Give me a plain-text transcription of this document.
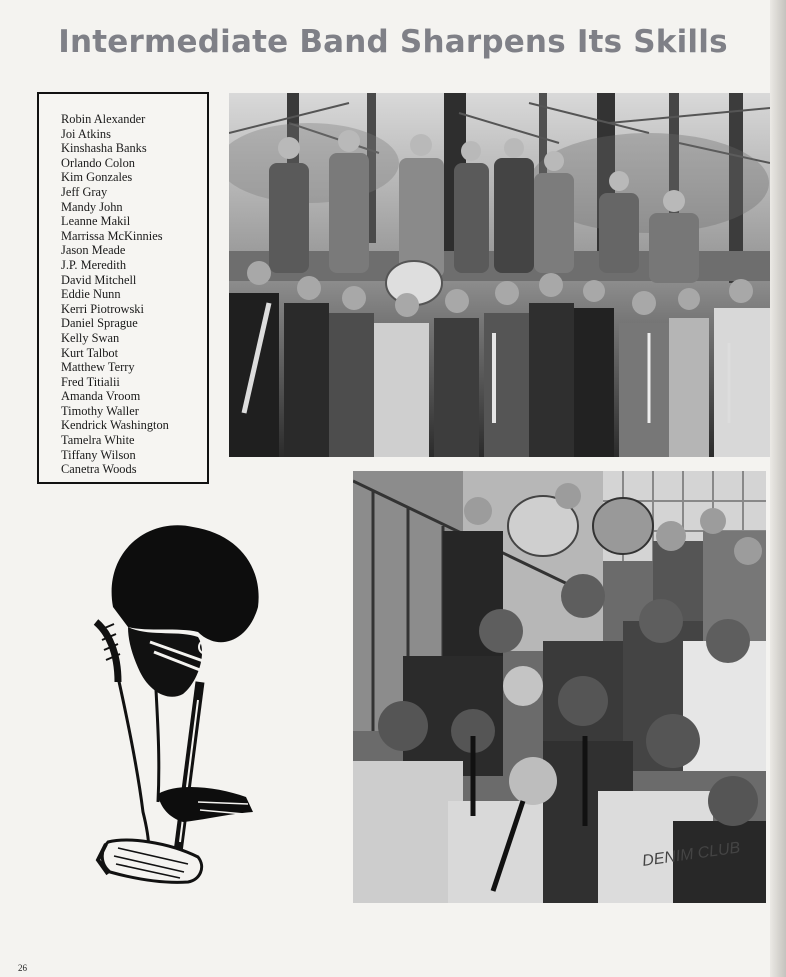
Intermediate Band Sharpens Its Skills
Robin Alexander
Joi Atkins
Kinshasha Banks
Orlando Colon
Kim Gonzales
Jeff Gray
Mandy John
Leanne Makil
Marrissa McKinnies
Jason Meade
J.P. Meredith
David Mitchell
Eddie Nunn
Kerri Piotrowski
Daniel Sprague
Kelly Swan
Kurt Talbot
Matthew Terry
Fred Titialii
Amanda Vroom
Timothy Waller
Kendrick Washington
Tamelra White
Tiffany Wilson
Canetra Woods
DENIM CLUB
26
